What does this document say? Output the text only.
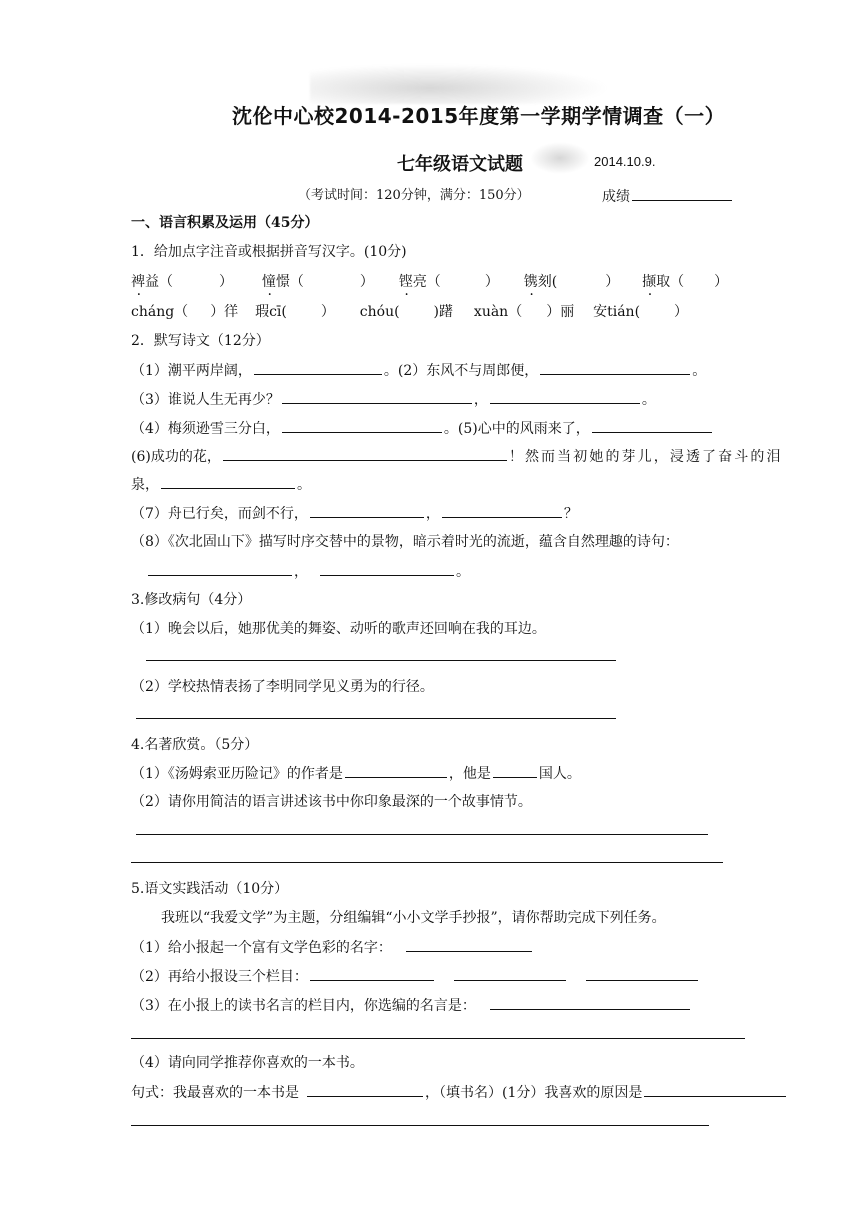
沈伦中心校2014-2015年度第一学期学情调查（一）
七年级语文试题	2014.10.9.
（考试时间：120分钟，满分：150分）	成绩
一、语言积累及运用（45分）
1．给加点字注音或根据拼音写汉字。(10分)
裨益（	） 憧憬（	） 铿亮（	） 镌刻(	） 撷取（ ）
cháng（ ）徉 瑕cī( ） chóu( )躇 xuàn（ ）丽 安tián( ）
2．默写诗文（12分）
（1）潮平两岸阔，	。(2）东风不与周郎便，	。
（3）谁说人生无再少？	，	。
（4）梅须逊雪三分白，	。(5)心中的风雨来了，
(6)成功的花，	！然而当初她的芽儿，浸透了奋斗的泪
泉，	。
（7）舟已行矣，而剑不行，	，	？
（8）《次北固山下》描写时序交替中的景物，暗示着时光的流逝，蕴含自然理趣的诗句：
，	。
3.修改病句（4分）
（1）晚会以后，她那优美的舞姿、动听的歌声还回响在我的耳边。
（2）学校热情表扬了李明同学见义勇为的行径。
4.名著欣赏。（5分）
（1）《汤姆索亚历险记》的作者是	，他是	国人。
（2）请你用简洁的语言讲述该书中你印象最深的一个故事情节。
5.语文实践活动（10分）
我班以“我爱文学”为主题，分组编辑“小小文学手抄报”，请你帮助完成下列任务。
（1）给小报起一个富有文学色彩的名字：
（2）再给小报设三个栏目：
（3）在小报上的读书名言的栏目内，你选编的名言是：
（4）请向同学推荐你喜欢的一本书。
句式：我最喜欢的一本书是	，（填书名）(1分）我喜欢的原因是
